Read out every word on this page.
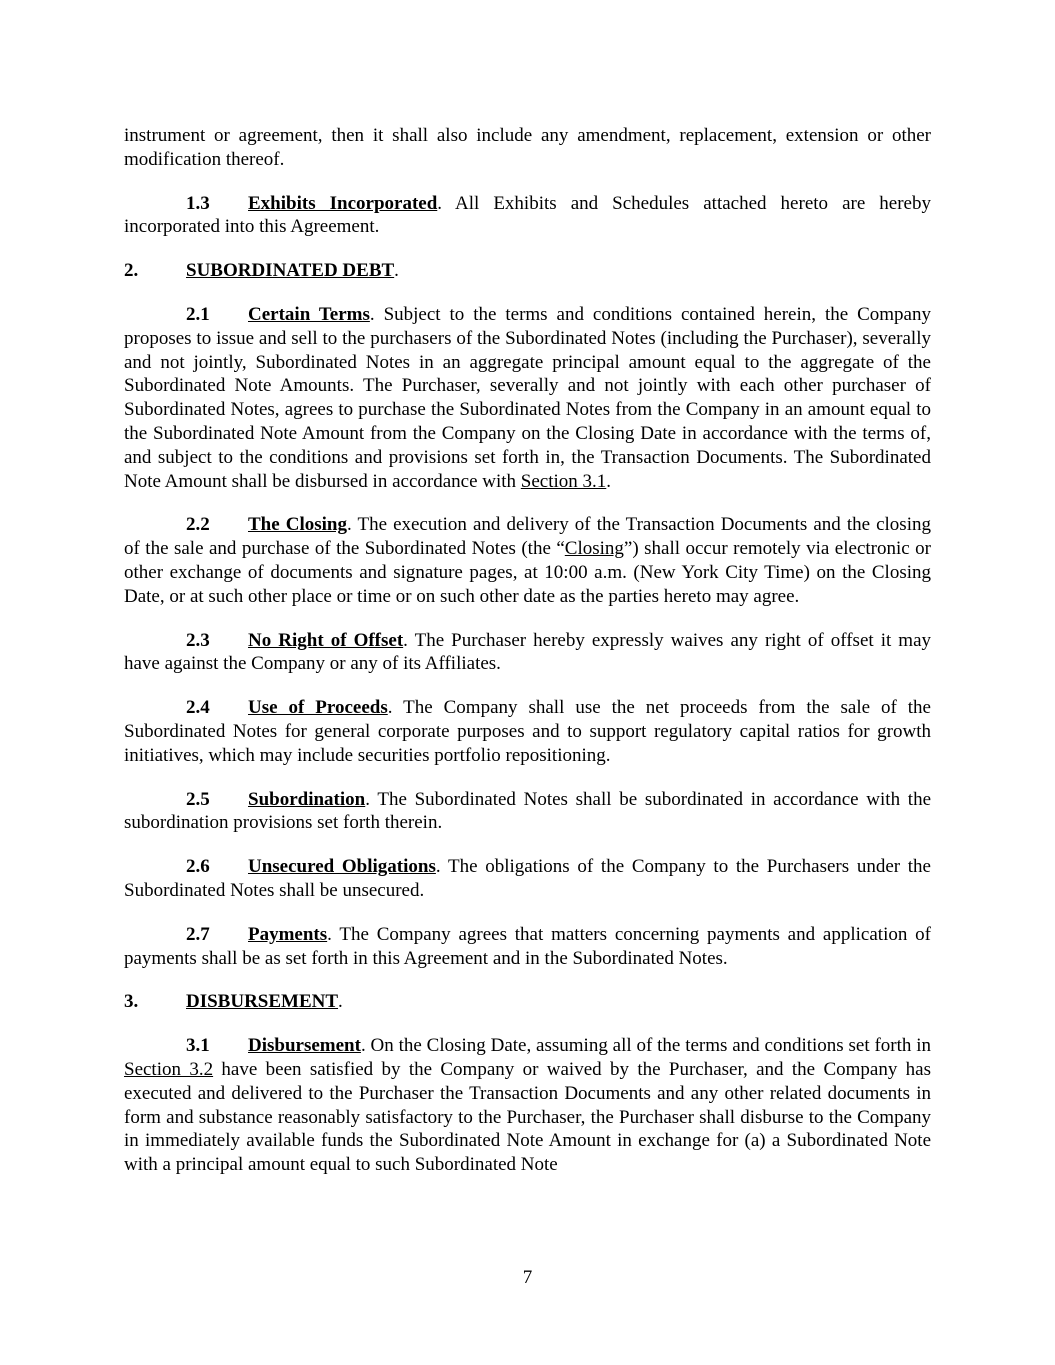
instrument or agreement, then it shall also include any amendment, replacement, extension or other modification thereof.

1.3 Exhibits Incorporated. All Exhibits and Schedules attached hereto are hereby incorporated into this Agreement.

2.	SUBORDINATED DEBT.

2.1 Certain Terms. Subject to the terms and conditions contained herein, the Company proposes to issue and sell to the purchasers of the Subordinated Notes (including the Purchaser), severally and not jointly, Subordinated Notes in an aggregate principal amount equal to the aggregate of the Subordinated Note Amounts. The Purchaser, severally and not jointly with each other purchaser of Subordinated Notes, agrees to purchase the Subordinated Notes from the Company in an amount equal to the Subordinated Note Amount from the Company on the Closing Date in accordance with the terms of, and subject to the conditions and provisions set forth in, the Transaction Documents. The Subordinated Note Amount shall be disbursed in accordance with Section 3.1.

2.2 The Closing. The execution and delivery of the Transaction Documents and the closing of the sale and purchase of the Subordinated Notes (the “Closing”) shall occur remotely via electronic or other exchange of documents and signature pages, at 10:00 a.m. (New York City Time) on the Closing Date, or at such other place or time or on such other date as the parties hereto may agree.

2.3 No Right of Offset. The Purchaser hereby expressly waives any right of offset it may have against the Company or any of its Affiliates.

2.4 Use of Proceeds. The Company shall use the net proceeds from the sale of the Subordinated Notes for general corporate purposes and to support regulatory capital ratios for growth initiatives, which may include securities portfolio repositioning.

2.5 Subordination. The Subordinated Notes shall be subordinated in accordance with the subordination provisions set forth therein.

2.6 Unsecured Obligations. The obligations of the Company to the Purchasers under the Subordinated Notes shall be unsecured.

2.7 Payments. The Company agrees that matters concerning payments and application of payments shall be as set forth in this Agreement and in the Subordinated Notes.

3.	DISBURSEMENT.

3.1 Disbursement. On the Closing Date, assuming all of the terms and conditions set forth in Section 3.2 have been satisfied by the Company or waived by the Purchaser, and the Company has executed and delivered to the Purchaser the Transaction Documents and any other related documents in form and substance reasonably satisfactory to the Purchaser, the Purchaser shall disburse to the Company in immediately available funds the Subordinated Note Amount in exchange for (a) a Subordinated Note with a principal amount equal to such Subordinated Note

7
